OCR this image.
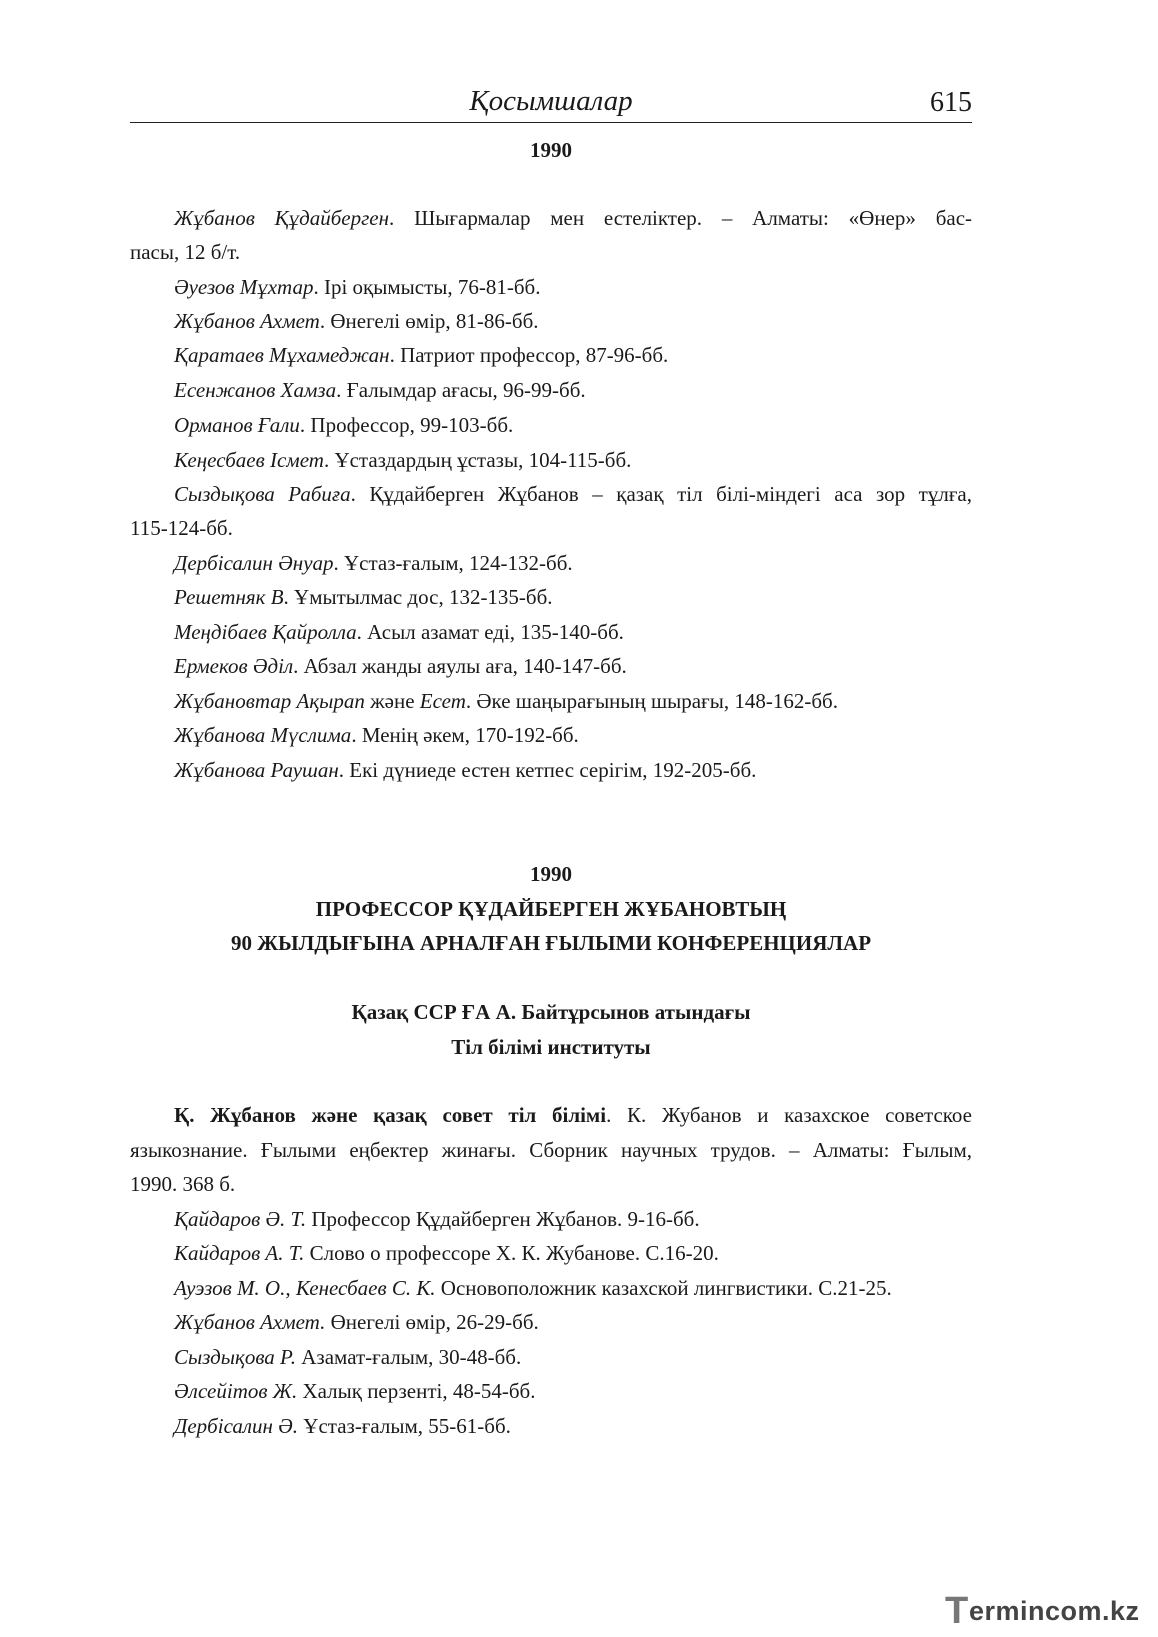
Қосымшалар	615
1990
Жұбанов Құдайберген. Шығармалар мен естеліктер. – Алматы: «Өнер» бас-
пасы, 12 б/т.
Әуезов Мұхтар. Ірі оқымысты, 76-81-бб.
Жұбанов Ахмет. Өнегелі өмір, 81-86-бб.
Қаратаев Мұхамеджан. Патриот профессор, 87-96-бб.
Есенжанов Хамза. Ғалымдар ағасы, 96-99-бб.
Орманов Ғали. Профессор, 99-103-бб.
Кеңесбаев Ісмет. Ұстаздардың ұстазы, 104-115-бб.
Сыздықова Рабиға. Құдайберген Жұбанов – қазақ тіл білі-міндегі аса зор тұлға,
115-124-бб.
Дербісалин Әнуар. Ұстаз-ғалым, 124-132-бб.
Решетняк В. Ұмытылмас дос, 132-135-бб.
Меңдібаев Қайролла. Асыл азамат еді, 135-140-бб.
Ермеков Әділ. Абзал жанды аяулы аға, 140-147-бб.
Жұбановтар Ақырап және Есет. Әке шаңырағының шырағы, 148-162-бб.
Жұбанова Мүслима. Менің әкем, 170-192-бб.
Жұбанова Раушан. Екі дүниеде естен кетпес серігім, 192-205-бб.
1990
ПРОФЕССОР ҚҰДАЙБЕРГЕН ЖҰБАНОВТЫҢ
90 ЖЫЛДЫҒЫНА АРНАЛҒАН ҒЫЛЫМИ КОНФЕРЕНЦИЯЛАР
Қазақ ССР ҒА А. Байтұрсынов атындағы
Тіл білімі институты
Қ. Жұбанов және қазақ совет тіл білімі. К. Жубанов и казахское советское
языкознание. Ғылыми еңбектер жинағы. Сборник научных трудов. – Алматы: Ғылым,
1990. 368 б.
Қайдаров Ә. Т. Профессор Құдайберген Жұбанов. 9-16-бб.
Кайдаров А. Т. Слово о профессоре Х. К. Жубанове. С.16-20.
Ауэзов М. О., Кенесбаев С. К. Основоположник казахской лингвистики. С.21-25.
Жұбанов Ахмет. Өнегелі өмір, 26-29-бб.
Сыздықова Р. Азамат-ғалым, 30-48-бб.
Әлсейітов Ж. Халық перзенті, 48-54-бб.
Дербісалин Ә. Ұстаз-ғалым, 55-61-бб.
T ermincom.kz
